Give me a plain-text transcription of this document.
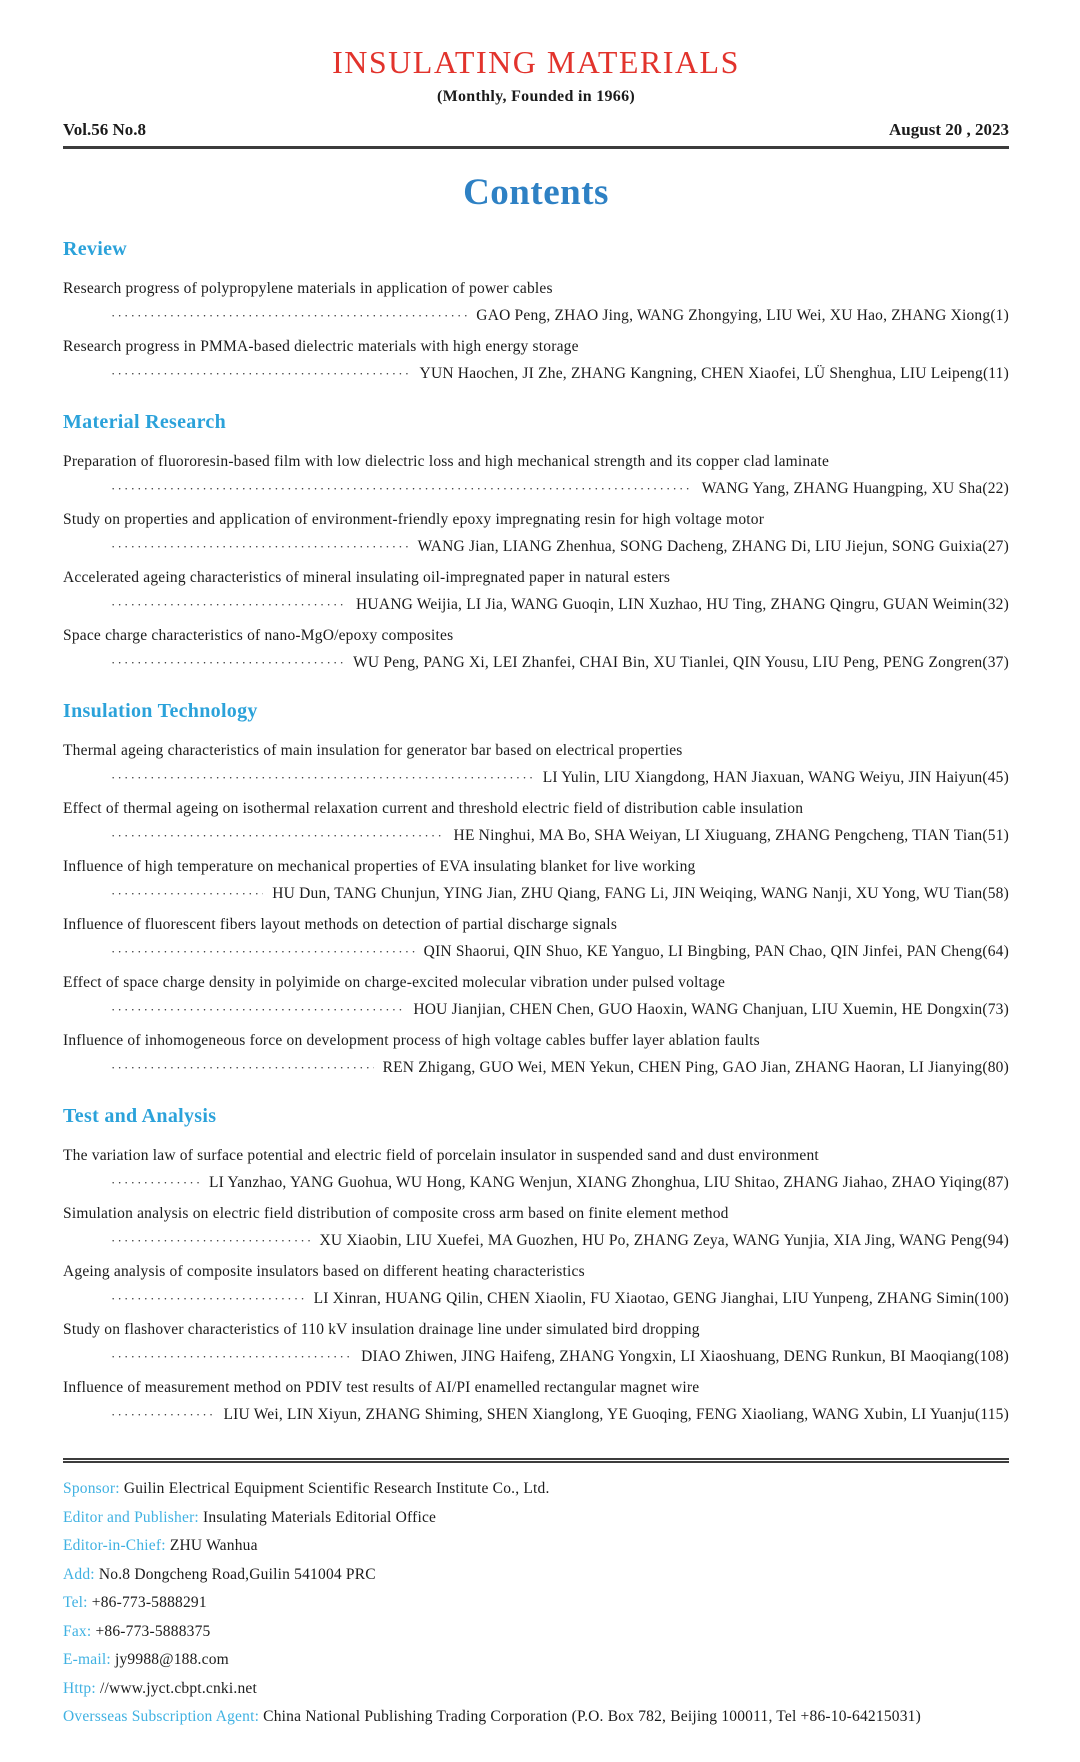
INSULATING MATERIALS
(Monthly, Founded in 1966)
Vol.56 No.8	August 20 , 2023
Contents
Review
Research progress of polypropylene materials in application of power cables
·····
GAO Peng, ZHAO Jing, WANG Zhongying, LIU Wei, XU Hao, ZHANG Xiong(1)
Research progress in PMMA-based dielectric materials with high energy storage
·····
YUN Haochen, JI Zhe, ZHANG Kangning, CHEN Xiaofei, LÜ Shenghua, LIU Leipeng(11)
Material Research
Preparation of fluororesin-based film with low dielectric loss and high mechanical strength and its copper clad laminate
·····
WANG Yang, ZHANG Huangping, XU Sha(22)
Study on properties and application of environment-friendly epoxy impregnating resin for high voltage motor
·····
WANG Jian, LIANG Zhenhua, SONG Dacheng, ZHANG Di, LIU Jiejun, SONG Guixia(27)
Accelerated ageing characteristics of mineral insulating oil-impregnated paper in natural esters
·····
HUANG Weijia, LI Jia, WANG Guoqin, LIN Xuzhao, HU Ting, ZHANG Qingru, GUAN Weimin(32)
Space charge characteristics of nano-MgO/epoxy composites
·····
WU Peng, PANG Xi, LEI Zhanfei, CHAI Bin, XU Tianlei, QIN Yousu, LIU Peng, PENG Zongren(37)
Insulation Technology
Thermal ageing characteristics of main insulation for generator bar based on electrical properties
·····
LI Yulin, LIU Xiangdong, HAN Jiaxuan, WANG Weiyu, JIN Haiyun(45)
Effect of thermal ageing on isothermal relaxation current and threshold electric field of distribution cable insulation
·····
HE Ninghui, MA Bo, SHA Weiyan, LI Xiuguang, ZHANG Pengcheng, TIAN Tian(51)
Influence of high temperature on mechanical properties of EVA insulating blanket for live working
·····
HU Dun, TANG Chunjun, YING Jian, ZHU Qiang, FANG Li, JIN Weiqing, WANG Nanji, XU Yong, WU Tian(58)
Influence of fluorescent fibers layout methods on detection of partial discharge signals
·····
QIN Shaorui, QIN Shuo, KE Yanguo, LI Bingbing, PAN Chao, QIN Jinfei, PAN Cheng(64)
Effect of space charge density in polyimide on charge-excited molecular vibration under pulsed voltage
·····
HOU Jianjian, CHEN Chen, GUO Haoxin, WANG Chanjuan, LIU Xuemin, HE Dongxin(73)
Influence of inhomogeneous force on development process of high voltage cables buffer layer ablation faults
·····
REN Zhigang, GUO Wei, MEN Yekun, CHEN Ping, GAO Jian, ZHANG Haoran, LI Jianying(80)
Test and Analysis
The variation law of surface potential and electric field of porcelain insulator in suspended sand and dust environment
·····
LI Yanzhao, YANG Guohua, WU Hong, KANG Wenjun, XIANG Zhonghua, LIU Shitao, ZHANG Jiahao, ZHAO Yiqing(87)
Simulation analysis on electric field distribution of composite cross arm based on finite element method
·····
XU Xiaobin, LIU Xuefei, MA Guozhen, HU Po, ZHANG Zeya, WANG Yunjia, XIA Jing, WANG Peng(94)
Ageing analysis of composite insulators based on different heating characteristics
·····
LI Xinran, HUANG Qilin, CHEN Xiaolin, FU Xiaotao, GENG Jianghai, LIU Yunpeng, ZHANG Simin(100)
Study on flashover characteristics of 110 kV insulation drainage line under simulated bird dropping
·····
DIAO Zhiwen, JING Haifeng, ZHANG Yongxin, LI Xiaoshuang, DENG Runkun, BI Maoqiang(108)
Influence of measurement method on PDIV test results of AI/PI enamelled rectangular magnet wire
·····
LIU Wei, LIN Xiyun, ZHANG Shiming, SHEN Xianglong, YE Guoqing, FENG Xiaoliang, WANG Xubin, LI Yuanju(115)
Sponsor: Guilin Electrical Equipment Scientific Research Institute Co., Ltd.
Editor and Publisher: Insulating Materials Editorial Office
Editor-in-Chief: ZHU Wanhua
Add: No.8 Dongcheng Road,Guilin 541004 PRC
Tel: +86-773-5888291
Fax: +86-773-5888375
E-mail: jy9988@188.com
Http: //www.jyct.cbpt.cnki.net
Oversseas Subscription Agent: China National Publishing Trading Corporation (P.O. Box 782, Beijing 100011, Tel +86-10-64215031)
